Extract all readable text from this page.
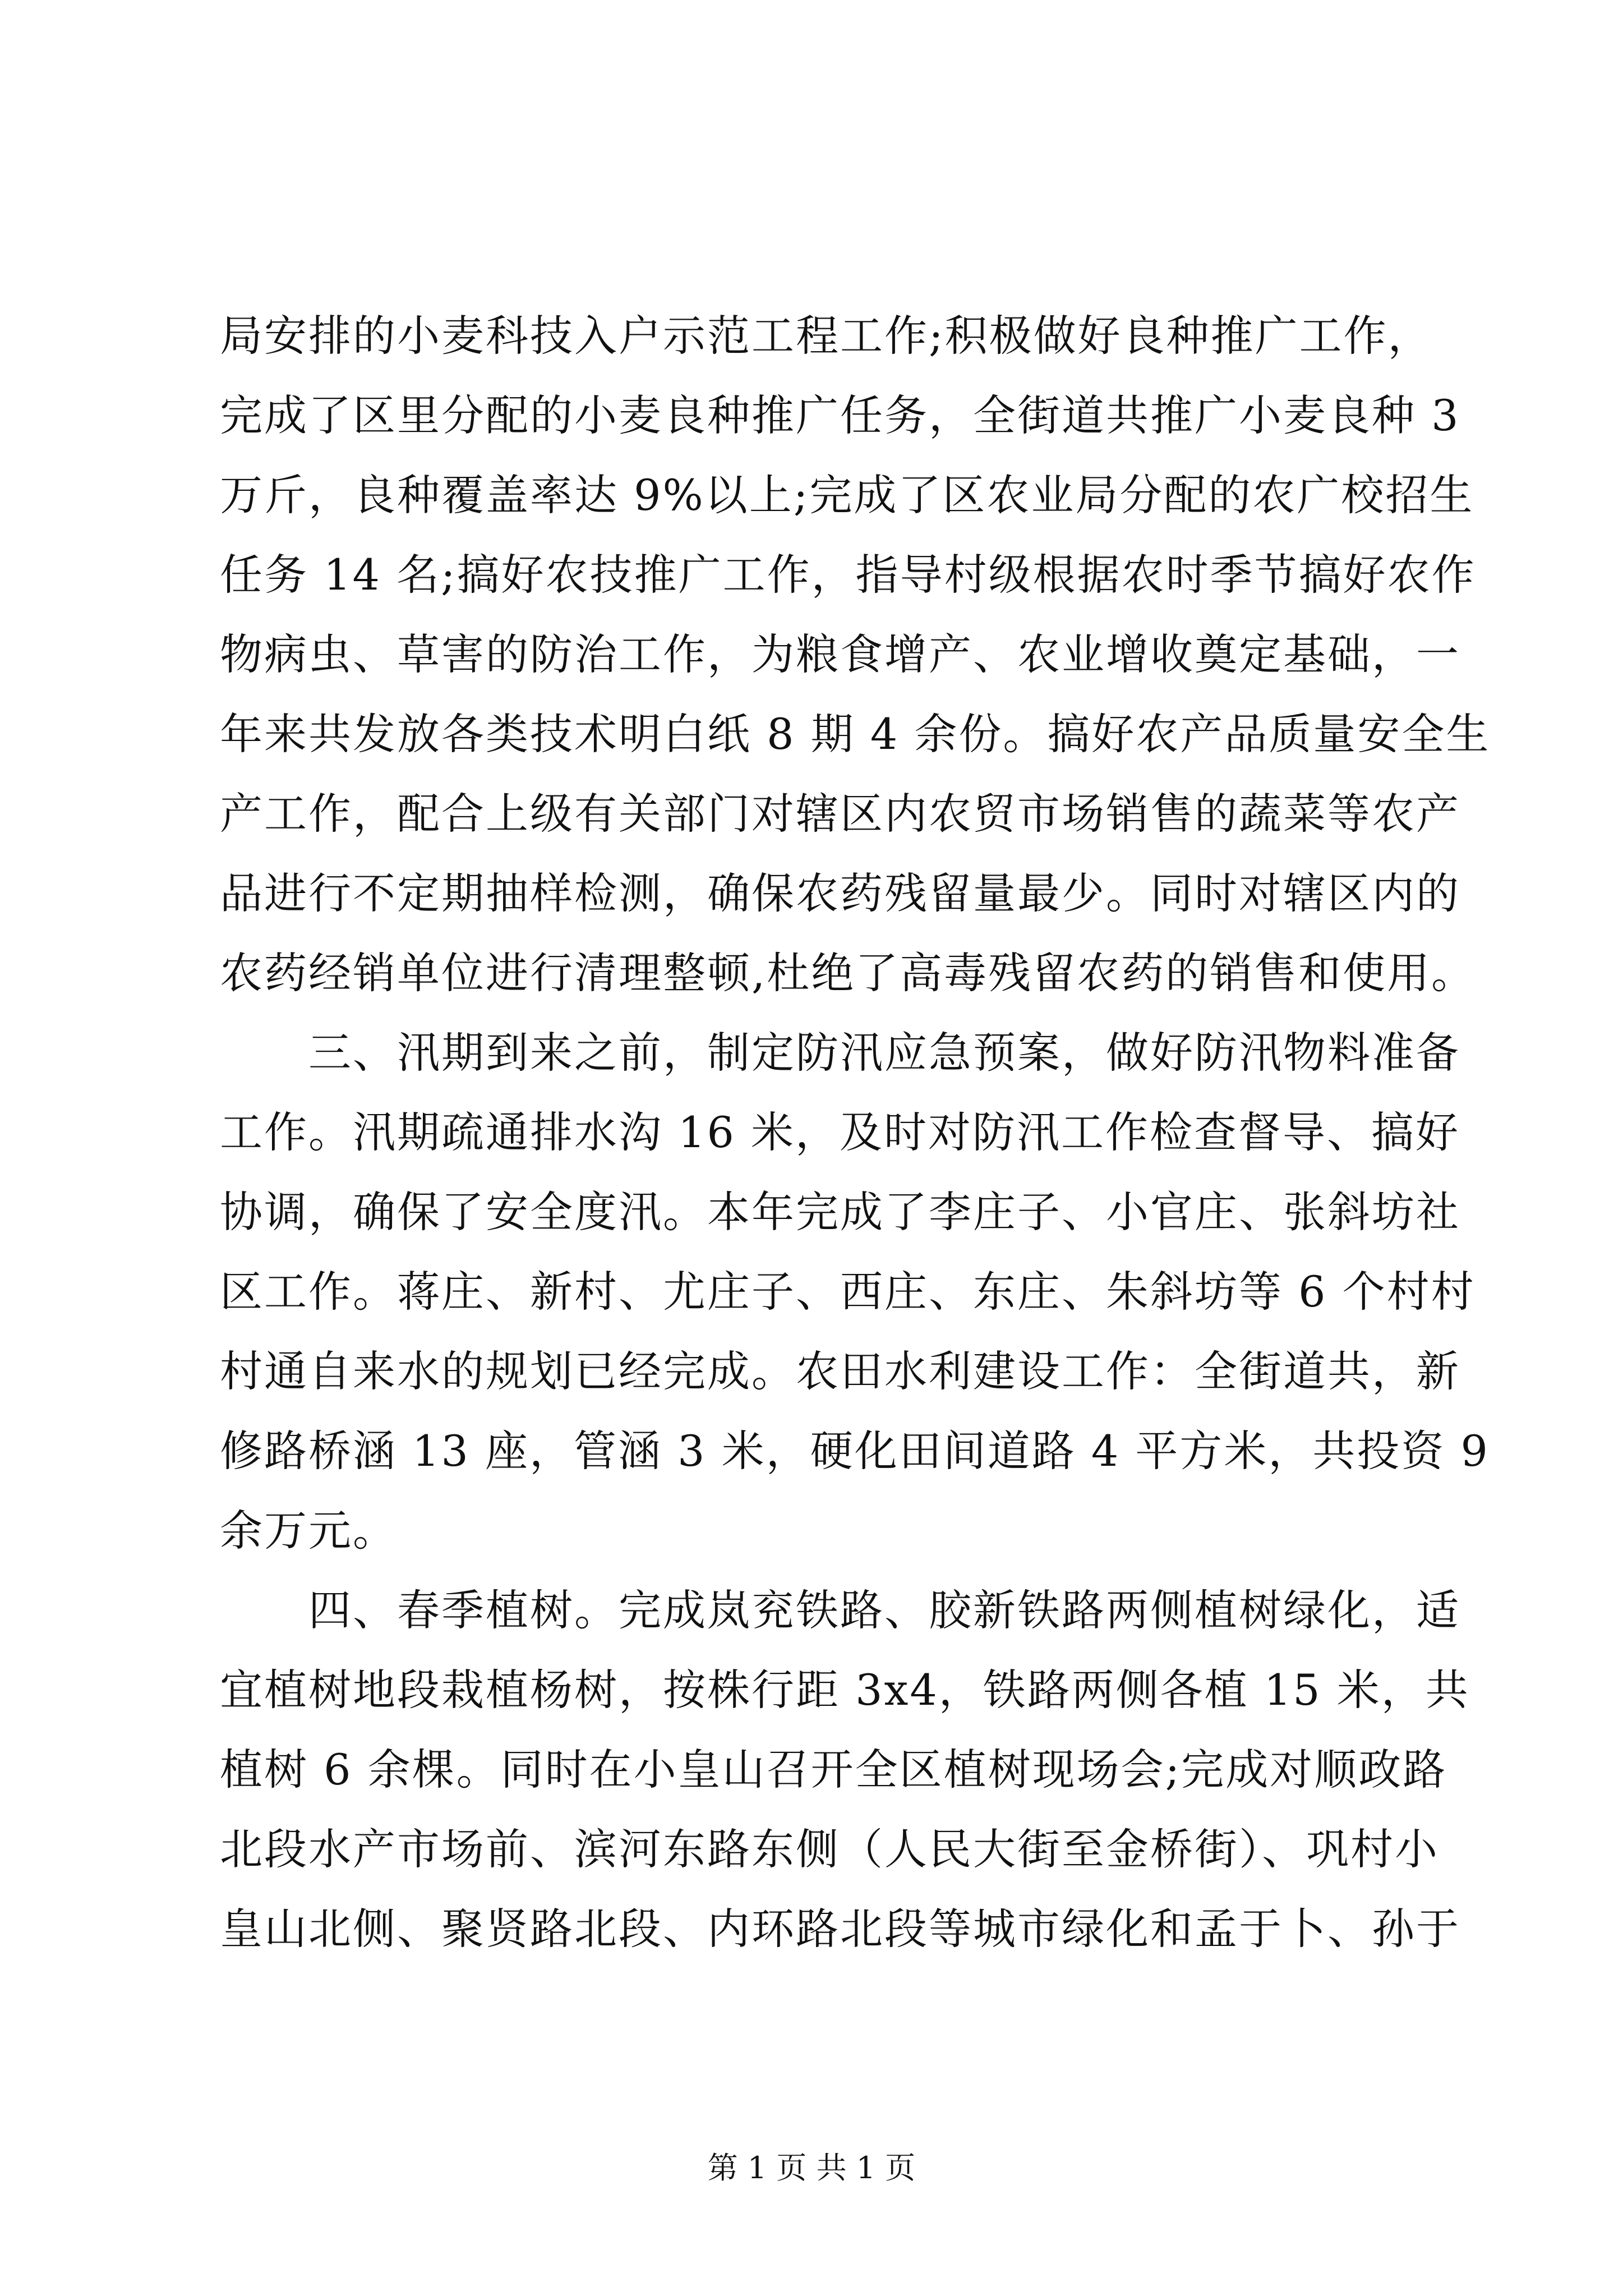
局安排的小麦科技入户示范工程工作;积极做好良种推广工作，
完成了区里分配的小麦良种推广任务，全街道共推广小麦良种 3
万斤，良种覆盖率达 9%以上;完成了区农业局分配的农广校招生
任务 14 名;搞好农技推广工作，指导村级根据农时季节搞好农作
物病虫、草害的防治工作，为粮食增产、农业增收奠定基础，一
年来共发放各类技术明白纸 8 期 4 余份。搞好农产品质量安全生
产工作，配合上级有关部门对辖区内农贸市场销售的蔬菜等农产
品进行不定期抽样检测，确保农药残留量最少。同时对辖区内的
农药经销单位进行清理整顿,杜绝了高毒残留农药的销售和使用。
　　三、汛期到来之前，制定防汛应急预案，做好防汛物料准备
工作。汛期疏通排水沟 16 米，及时对防汛工作检查督导、搞好
协调，确保了安全度汛。本年完成了李庄子、小官庄、张斜坊社
区工作。蒋庄、新村、尤庄子、西庄、东庄、朱斜坊等 6 个村村
村通自来水的规划已经完成。农田水利建设工作：全街道共，新
修路桥涵 13 座，管涵 3 米，硬化田间道路 4 平方米，共投资 9
余万元。
　　四、春季植树。完成岚兖铁路、胶新铁路两侧植树绿化，适
宜植树地段栽植杨树，按株行距 3x4，铁路两侧各植 15 米，共
植树 6 余棵。同时在小皇山召开全区植树现场会;完成对顺政路
北段水产市场前、滨河东路东侧（人民大街至金桥街）、巩村小
皇山北侧、聚贤路北段、内环路北段等城市绿化和孟于卜、孙于
第 1 页 共 1 页
